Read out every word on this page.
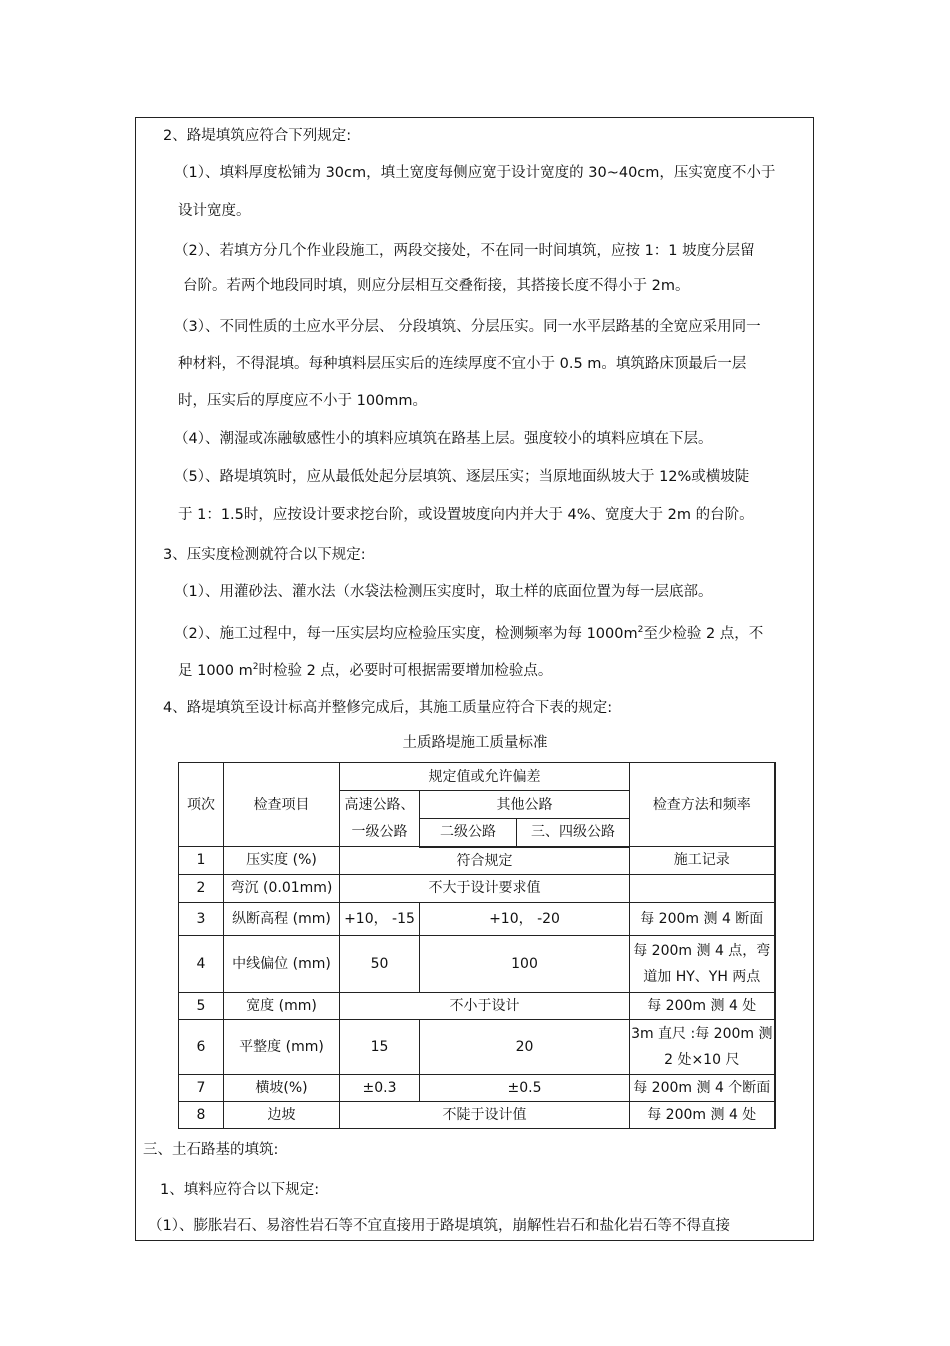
2、路堤填筑应符合下列规定:
（1）、填料厚度松铺为 30cm，填土宽度每侧应宽于设计宽度的 30~40cm，压实宽度不小于
设计宽度。
（2）、若填方分几个作业段施工，两段交接处，不在同一时间填筑，应按 1：1 坡度分层留
台阶。若两个地段同时填，则应分层相互交叠衔接，其搭接长度不得小于 2m。
（3）、不同性质的土应水平分层、 分段填筑、分层压实。同一水平层路基的全宽应采用同一
种材料，不得混填。每种填料层压实后的连续厚度不宜小于 0.5 m。填筑路床顶最后一层
时，压实后的厚度应不小于 100mm。
（4）、潮湿或冻融敏感性小的填料应填筑在路基上层。强度较小的填料应填在下层。
（5）、路堤填筑时，应从最低处起分层填筑、逐层压实；当原地面纵坡大于 12%或横坡陡
于 1：1.5时，应按设计要求挖台阶，或设置坡度向内并大于 4%、宽度大于 2m 的台阶。
3、压实度检测就符合以下规定:
（1）、用灌砂法、灌水法（水袋法检测压实度时，取土样的底面位置为每一层底部。
（2）、施工过程中，每一压实层均应检验压实度，检测频率为每 $1000m^2$至少检验 2 点，不
足 1000 $m^2$时检验 2 点，必要时可根据需要增加检验点。
4、路堤填筑至设计标高并整修完成后，其施工质量应符合下表的规定:
土质路堤施工质量标准
项次	检查项目	规定值或允许偏差			检查方法和频率

		高速公路、
一级公路	其他公路		
			二级公路	三、四级公路	
1	压实度 (%)	符合规定			施工记录
2	弯沉 (0.01mm)	不大于设计要求值			
3	纵断高程 (mm)	+10， -15	+10， -20		每 200m 测 4 断面
4	中线偏位 (mm)	50	100		每 200m 测 4 点，弯
道加 HY、YH 两点

5	宽度 (mm)	不小于设计			每 200m 测 4 处
6	平整度 (mm)	15	20		3m 直尺 :每 200m 测
2 处×10 尺

7	横坡(%)	±0.3	±0.5		每 200m 测 4 个断面
8	边坡	不陡于设计值			每 200m 测 4 处
三、土石路基的填筑:
1、填料应符合以下规定:
（1）、膨胀岩石、易溶性岩石等不宜直接用于路堤填筑，崩解性岩石和盐化岩石等不得直接
